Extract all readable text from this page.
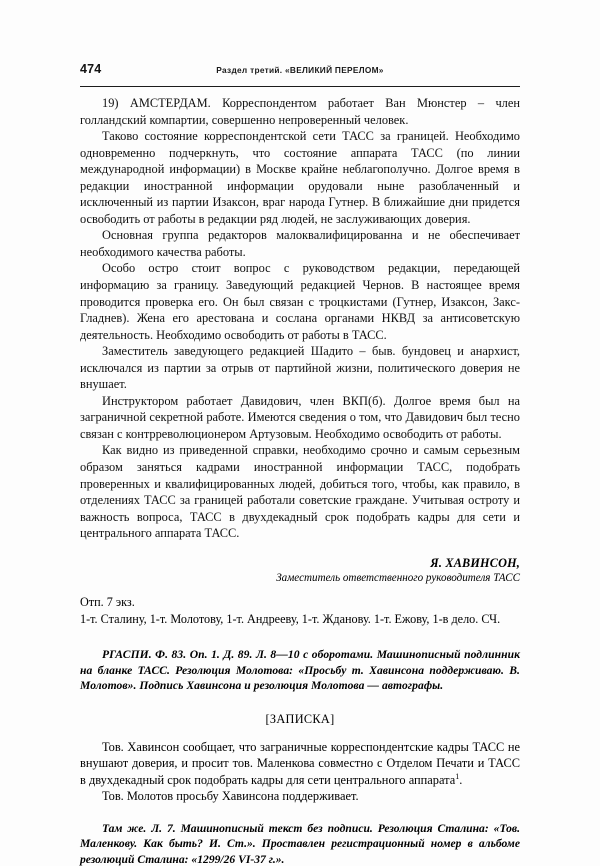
474	Раздел третий. «ВЕЛИКИЙ ПЕРЕЛОМ»

19) АМСТЕРДАМ. Корреспондентом работает Ван Мюнстер – член голландский компартии, совершенно непроверенный человек.

Таково состояние корреспондентской сети ТАСС за границей. Необходимо одновременно подчеркнуть, что состояние аппарата ТАСС (по линии международной информации) в Москве крайне неблагополучно. Долгое время в редакции иностранной информации орудовали ныне разоблаченный и исключенный из партии Изаксон, враг народа Гутнер. В ближайшие дни придется освободить от работы в редакции ряд людей, не заслуживающих доверия.

Основная группа редакторов малоквалифицированна и не обеспечивает необходимого качества работы.

Особо остро стоит вопрос с руководством редакции, передающей информацию за границу. Заведующий редакцией Чернов. В настоящее время проводится проверка его. Он был связан с троцкистами (Гутнер, Изаксон, Закс-Гладнев). Жена его арестована и сослана органами НКВД за антисоветскую деятельность. Необходимо освободить от работы в ТАСС.

Заместитель заведующего редакцией Шадито – быв. бундовец и анархист, исключался из партии за отрыв от партийной жизни, политического доверия не внушает.

Инструктором работает Давидович, член ВКП(б). Долгое время был на заграничной секретной работе. Имеются сведения о том, что Давидович был тесно связан с контрреволюционером Артузовым. Необходимо освободить от работы.

Как видно из приведенной справки, необходимо срочно и самым серьезным образом заняться кадрами иностранной информации ТАСС, подобрать проверенных и квалифицированных людей, добиться того, чтобы, как правило, в отделениях ТАСС за границей работали советские граждане. Учитывая остроту и важность вопроса, ТАСС в двухдекадный срок подобрать кадры для сети и центрального аппарата ТАСС.

Я. ХАВИНСОН,

Заместитель ответственного руководителя ТАСС

Отп. 7 экз.

1-т. Сталину, 1-т. Молотову, 1-т. Андрееву, 1-т. Жданову. 1-т. Ежову, 1-в дело. СЧ.

РГАСПИ. Ф. 83. Оп. 1. Д. 89. Л. 8—10 с оборотами. Машинописный подлинник на бланке ТАСС. Резолюция Молотова: «Просьбу т. Хавинсона поддерживаю. В. Молотов». Подпись Хавинсона и резолюция Молотова — автографы.

[ЗАПИСКА]

Тов. Хавинсон сообщает, что заграничные корреспондентские кадры ТАСС не внушают доверия, и просит тов. Маленкова совместно с Отделом Печати и ТАСС в двухдекадный срок подобрать кадры для сети центрального аппарата$^1$.

Тов. Молотов просьбу Хавинсона поддерживает.

Там же. Л. 7. Машинописный текст без подписи. Резолюция Сталина: «Тов. Маленкову. Как быть? И. Ст.». Проставлен регистрационный номер в альбоме резолюций Сталина: «1299/26 VI-37 г.».
